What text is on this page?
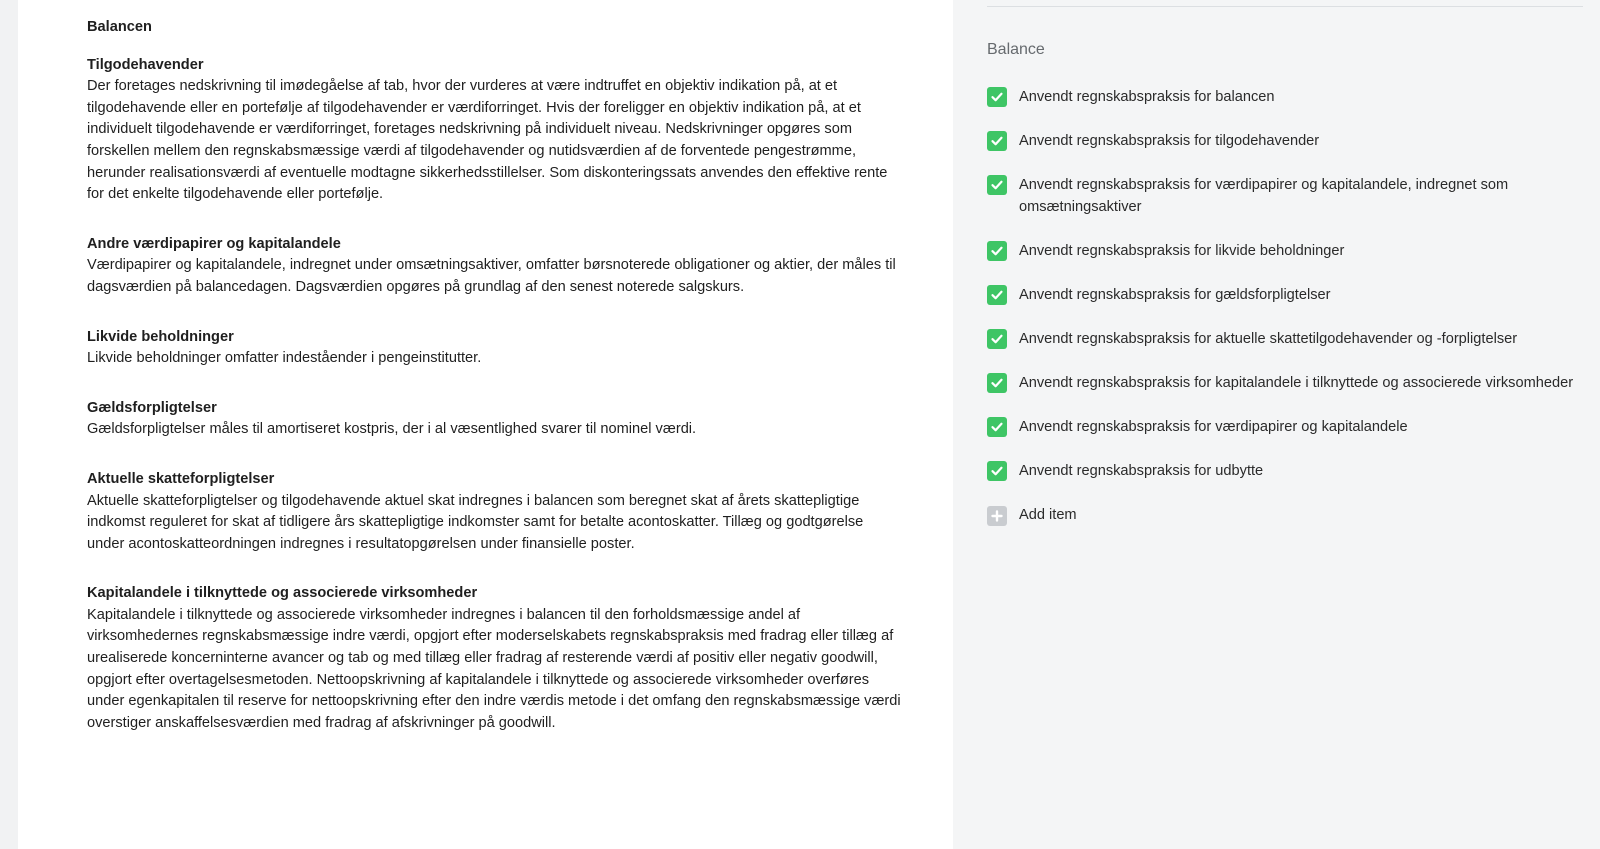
Balancen

Tilgodehavender

Der foretages nedskrivning til imødegåelse af tab, hvor der vurderes at være indtruffet en objektiv indikation på, at et tilgodehavende eller en portefølje af tilgodehavender er værdiforringet. Hvis der foreligger en objektiv indikation på, at et individuelt tilgodehavende er værdiforringet, foretages nedskrivning på individuelt niveau. Nedskrivninger opgøres som forskellen mellem den regnskabsmæssige værdi af tilgodehavender og nutidsværdien af de forventede pengestrømme, herunder realisationsværdi af eventuelle modtagne sikkerhedsstillelser. Som diskonteringssats anvendes den effektive rente for det enkelte tilgodehavende eller portefølje.

Andre værdipapirer og kapitalandele

Værdipapirer og kapitalandele, indregnet under omsætningsaktiver, omfatter børsnoterede obligationer og aktier, der måles til dagsværdien på balancedagen. Dagsværdien opgøres på grundlag af den senest noterede salgskurs.

Likvide beholdninger

Likvide beholdninger omfatter indeståender i pengeinstitutter.

Gældsforpligtelser

Gældsforpligtelser måles til amortiseret kostpris, der i al væsentlighed svarer til nominel værdi.

Aktuelle skatteforpligtelser

Aktuelle skatteforpligtelser og tilgodehavende aktuel skat indregnes i balancen som beregnet skat af årets skattepligtige indkomst reguleret for skat af tidligere års skattepligtige indkomster samt for betalte acontoskatter. Tillæg og godtgørelse under acontoskatteordningen indregnes i resultatopgørelsen under finansielle poster.

Kapitalandele i tilknyttede og associerede virksomheder

Kapitalandele i tilknyttede og associerede virksomheder indregnes i balancen til den forholdsmæssige andel af virksomhedernes regnskabsmæssige indre værdi, opgjort efter moderselskabets regnskabspraksis med fradrag eller tillæg af urealiserede koncerninterne avancer og tab og med tillæg eller fradrag af resterende værdi af positiv eller negativ goodwill, opgjort efter overtagelsesmetoden. Nettoopskrivning af kapitalandele i tilknyttede og associerede virksomheder overføres under egenkapitalen til reserve for nettoopskrivning efter den indre værdis metode i det omfang den regnskabsmæssige værdi overstiger anskaffelsesværdien med fradrag af afskrivninger på goodwill.

Balance
Anvendt regnskabspraksis for balancen
Anvendt regnskabspraksis for tilgodehavender
Anvendt regnskabspraksis for værdipapirer og kapitalandele, indregnet som omsætningsaktiver
Anvendt regnskabspraksis for likvide beholdninger
Anvendt regnskabspraksis for gældsforpligtelser
Anvendt regnskabspraksis for aktuelle skattetilgodehavender og -forpligtelser
Anvendt regnskabspraksis for kapitalandele i tilknyttede og associerede virksomheder
Anvendt regnskabspraksis for værdipapirer og kapitalandele
Anvendt regnskabspraksis for udbytte
Add item
